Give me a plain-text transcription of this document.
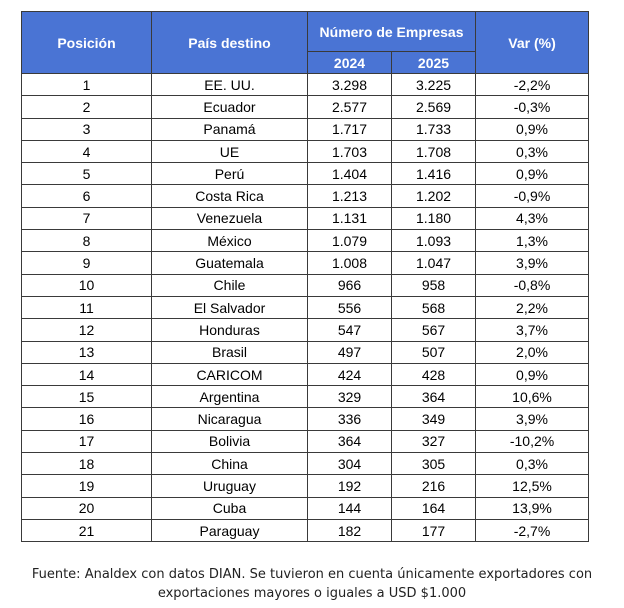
Posición	País destino	Número de Empresas		Var (%)
		2024	2025	
1	EE. UU.	3.298	3.225	-2,2%
2	Ecuador	2.577	2.569	-0,3%
3	Panamá	1.717	1.733	0,9%
4	UE	1.703	1.708	0,3%
5	Perú	1.404	1.416	0,9%
6	Costa Rica	1.213	1.202	-0,9%
7	Venezuela	1.131	1.180	4,3%
8	México	1.079	1.093	1,3%
9	Guatemala	1.008	1.047	3,9%
10	Chile	966	958	-0,8%
11	El Salvador	556	568	2,2%
12	Honduras	547	567	3,7%
13	Brasil	497	507	2,0%
14	CARICOM	424	428	0,9%
15	Argentina	329	364	10,6%
16	Nicaragua	336	349	3,9%
17	Bolivia	364	327	-10,2%
18	China	304	305	0,3%
19	Uruguay	192	216	12,5%
20	Cuba	144	164	13,9%
21	Paraguay	182	177	-2,7%
Fuente: Analdex con datos DIAN. Se tuvieron en cuenta únicamente exportadores con exportaciones mayores o iguales a USD $1.000
